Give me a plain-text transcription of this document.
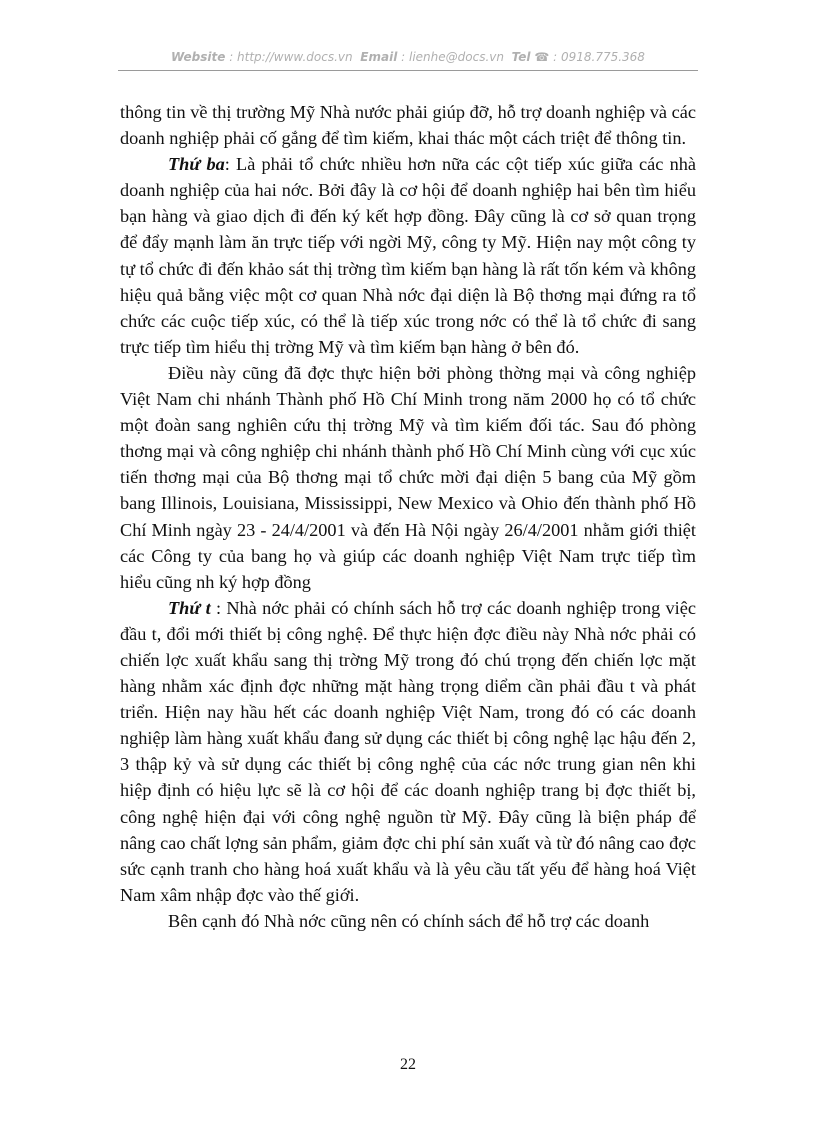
Website : http://www.docs.vn Email : lienhe@docs.vn Tel ☎ : 0918.775.368

thông tin về thị trường Mỹ Nhà nước phải giúp đỡ, hỗ trợ doanh nghiệp và các doanh nghiệp phải cố gắng để tìm kiếm, khai thác một cách triệt để thông tin.

Thứ ba: Là phải tổ chức nhiều hơn nữa các cột tiếp xúc giữa các nhà doanh nghiệp của hai nớc. Bởi đây là cơ hội để doanh nghiệp hai bên tìm hiểu bạn hàng và giao dịch đi đến ký kết hợp đồng. Đây cũng là cơ sở quan trọng để đẩy mạnh làm ăn trực tiếp với ngời Mỹ, công ty Mỹ. Hiện nay một công ty tự tổ chức đi đến khảo sát thị trờng tìm kiếm bạn hàng là rất tốn kém và không hiệu quả bằng việc một cơ quan Nhà nớc đại diện là Bộ thơng mại đứng ra tổ chức các cuộc tiếp xúc, có thể là tiếp xúc trong nớc có thể là tổ chức đi sang trực tiếp tìm hiểu thị trờng Mỹ và tìm kiếm bạn hàng ở bên đó.

Điều này cũng đã đợc thực hiện bởi phòng thờng mại và công nghiệp Việt Nam chi nhánh Thành phố Hồ Chí Minh trong năm 2000 họ có tổ chức một đoàn sang nghiên cứu thị trờng Mỹ và tìm kiếm đối tác. Sau đó phòng thơng mại và công nghiệp chi nhánh thành phố Hồ Chí Minh cùng với cục xúc tiến thơng mại của Bộ thơng mại tổ chức mời đại diện 5 bang của Mỹ gồm bang Illinois, Louisiana, Mississippi, New Mexico và Ohio đến thành phố Hồ Chí Minh ngày 23 - 24/4/2001 và đến Hà Nội ngày 26/4/2001 nhằm giới thiệt các Công ty của bang họ và giúp các doanh nghiệp Việt Nam trực tiếp tìm hiểu cũng nh ký hợp đồng

Thứ t : Nhà nớc phải có chính sách hỗ trợ các doanh nghiệp trong việc đầu t, đổi mới thiết bị công nghệ. Để thực hiện đợc điều này Nhà nớc phải có chiến lợc xuất khẩu sang thị trờng Mỹ trong đó chú trọng đến chiến lợc mặt hàng nhằm xác định đợc những mặt hàng trọng diểm cần phải đầu t và phát triển. Hiện nay hầu hết các doanh nghiệp Việt Nam, trong đó có các doanh nghiệp làm hàng xuất khẩu đang sử dụng các thiết bị công nghệ lạc hậu đến 2, 3 thập kỷ và sử dụng các thiết bị công nghệ của các nớc trung gian nên khi hiệp định có hiệu lực sẽ là cơ hội để các doanh nghiệp trang bị đợc thiết bị, công nghệ hiện đại với công nghệ nguồn từ Mỹ. Đây cũng là biện pháp để nâng cao chất lợng sản phẩm, giảm đợc chi phí sản xuất và từ đó nâng cao đợc sức cạnh tranh cho hàng hoá xuất khẩu và là yêu cầu tất yếu để hàng hoá Việt Nam xâm nhập đợc vào thế giới.

Bên cạnh đó Nhà nớc cũng nên có chính sách để hỗ trợ các doanh

22
